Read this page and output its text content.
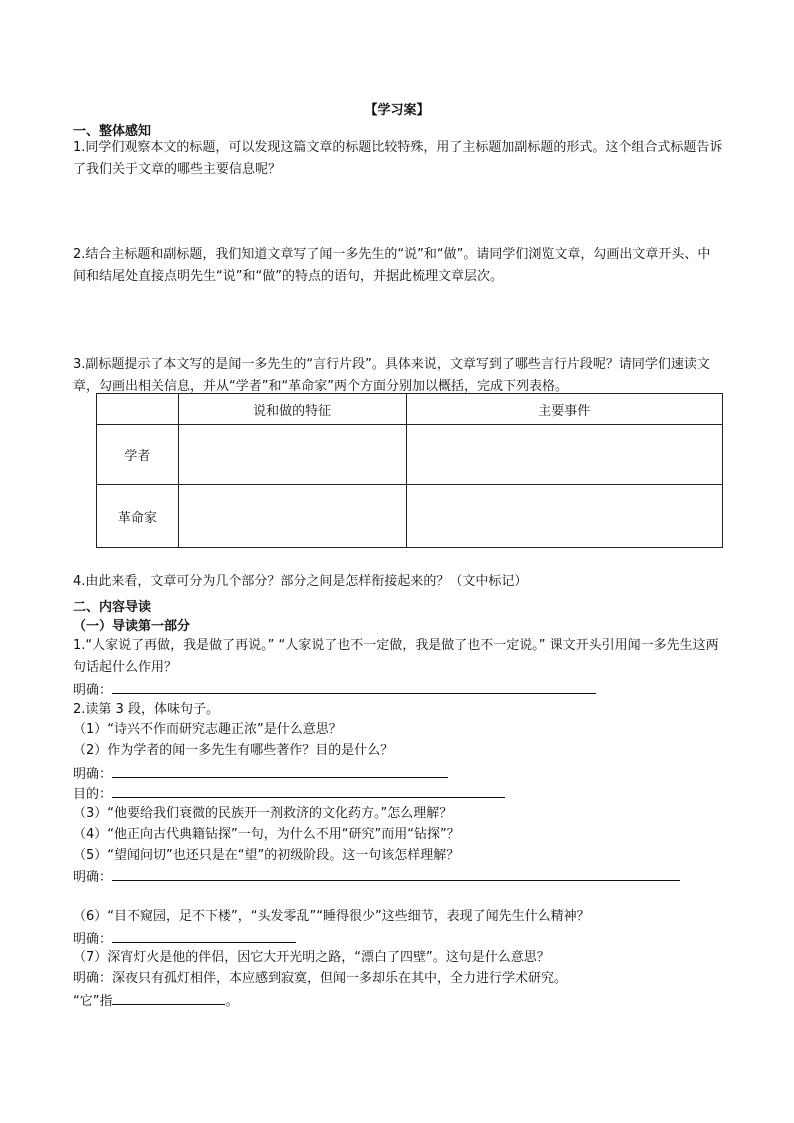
【学习案】
一、整体感知
1.同学们观察本文的标题，可以发现这篇文章的标题比较特殊，用了主标题加副标题的形式。这个组合式标题告诉了我们关于文章的哪些主要信息呢？
2.结合主标题和副标题，我们知道文章写了闻一多先生的“说”和“做”。请同学们浏览文章，勾画出文章开头、中间和结尾处直接点明先生“说”和“做”的特点的语句，并据此梳理文章层次。
3.副标题提示了本文写的是闻一多先生的“言行片段”。具体来说，文章写到了哪些言行片段呢？请同学们速读文章，勾画出相关信息，并从“学者”和“革命家”两个方面分别加以概括，完成下列表格。
	说和做的特征	主要事件
学者		
革命家		
4.由此来看，文章可分为几个部分？部分之间是怎样衔接起来的？（文中标记）
二、内容导读
（一）导读第一部分
1.“人家说了再做，我是做了再说。” “人家说了也不一定做，我是做了也不一定说。” 课文开头引用闻一多先生这两句话起什么作用？
明确：
2.读第 3 段，体味句子。
（1）“诗兴不作而研究志趣正浓”是什么意思？
（2）作为学者的闻一多先生有哪些著作？目的是什么？
明确：
目的：
（3）“他要给我们衰微的民族开一剂救济的文化药方。”怎么理解？
（4）“他正向古代典籍钻探”一句，为什么不用“研究”而用“钻探”？
（5）“望闻问切”也还只是在“望”的初级阶段。这一句该怎样理解？
明确：
（6）“目不窥园，足不下楼”，“头发零乱”“睡得很少”这些细节，表现了闻先生什么精神？
明确：
（7）深宵灯火是他的伴侣，因它大开光明之路，“漂白了四壁”。这句是什么意思？
明确：深夜只有孤灯相伴，本应感到寂寞，但闻一多却乐在其中，全力进行学术研究。
“它”指	。
